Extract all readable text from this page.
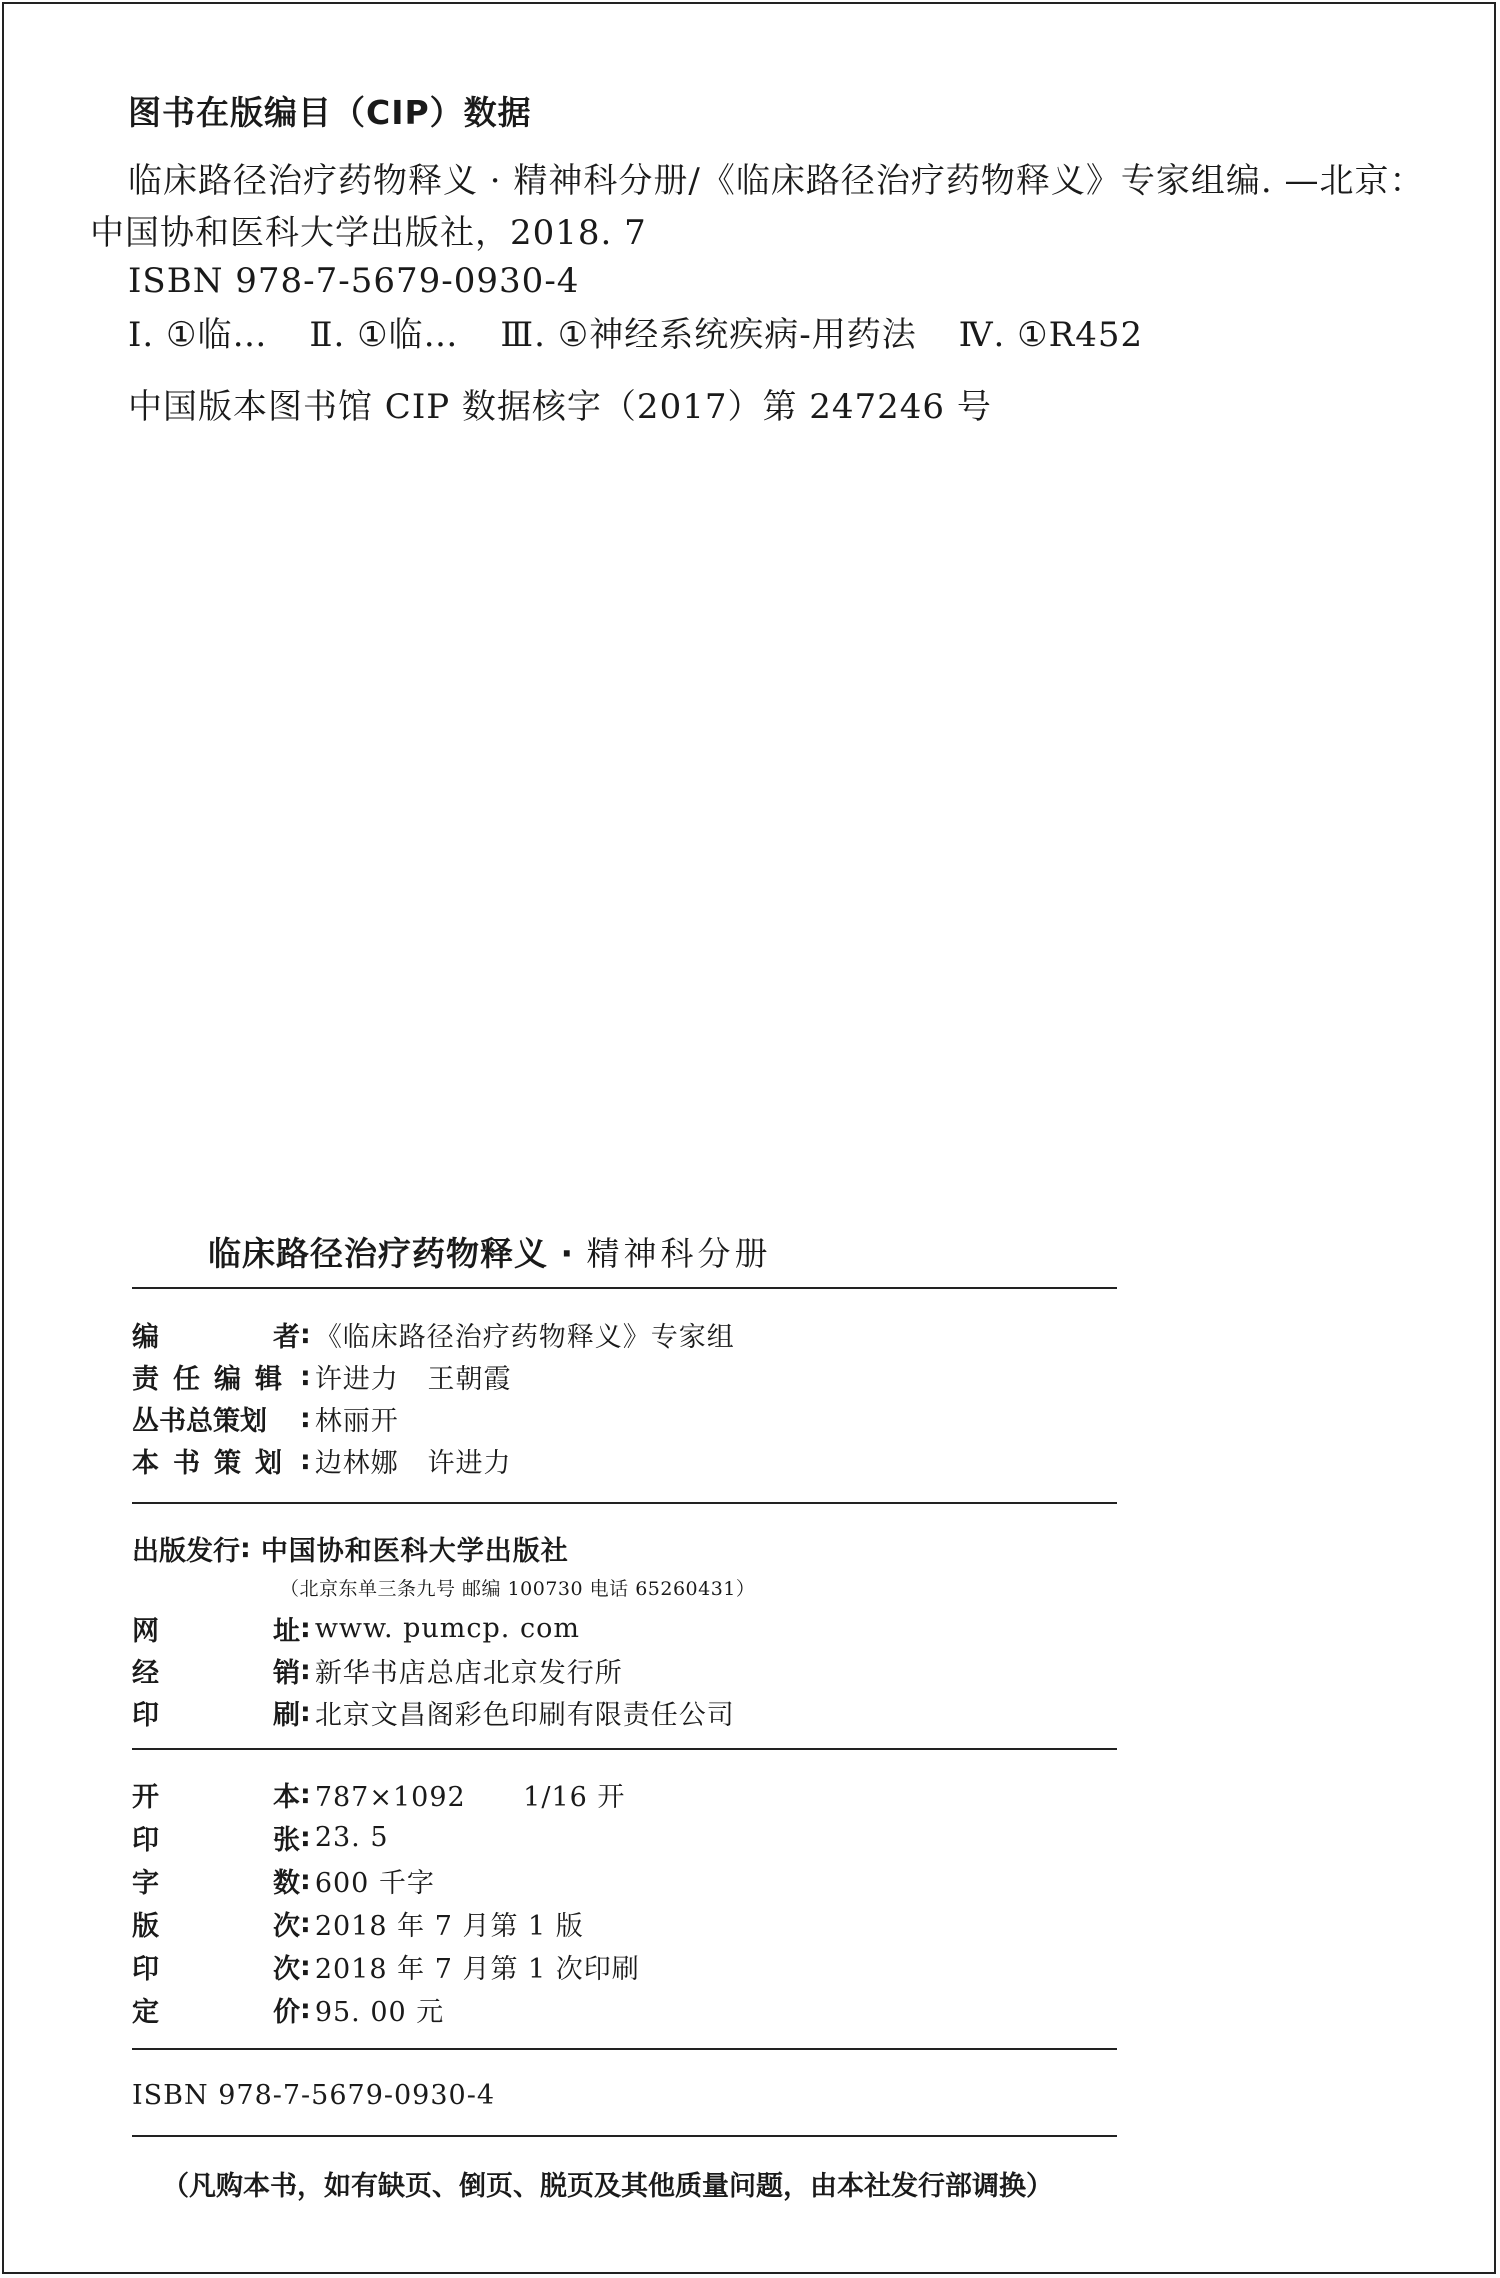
图书在版编目（CIP）数据
临床路径治疗药物释义 · 精神科分册/《临床路径治疗药物释义》专家组编. —北京：
中国协和医科大学出版社，2018. 7
ISBN 978-7-5679-0930-4
Ⅰ. ①临… Ⅱ. ①临… Ⅲ. ①神经系统疾病-用药法 Ⅳ. ①R452
中国版本图书馆 CIP 数据核字（2017）第 247246 号
临床路径治疗药物释义 · 精神科分册
编	者 : 《临床路径治疗药物释义》专家组
责任编辑 : 许进力   王朝霞
丛书总策划	: 林丽开
本书策划 : 边林娜   许进力
出版发行 : 中国协和医科大学出版社
（北京东单三条九号 邮编 100730 电话 65260431）
网	址 : www. pumcp. com
经	销 : 新华书店总店北京发行所
印	刷 : 北京文昌阁彩色印刷有限责任公司
开	本 : 787×1092      1/16 开
印	张 : 23. 5
字	数 : 600 千字
版	次 : 2018 年 7 月第 1 版
印	次 : 2018 年 7 月第 1 次印刷
定	价 : 95. 00 元
ISBN 978-7-5679-0930-4
（凡购本书，如有缺页、倒页、脱页及其他质量问题，由本社发行部调换）
